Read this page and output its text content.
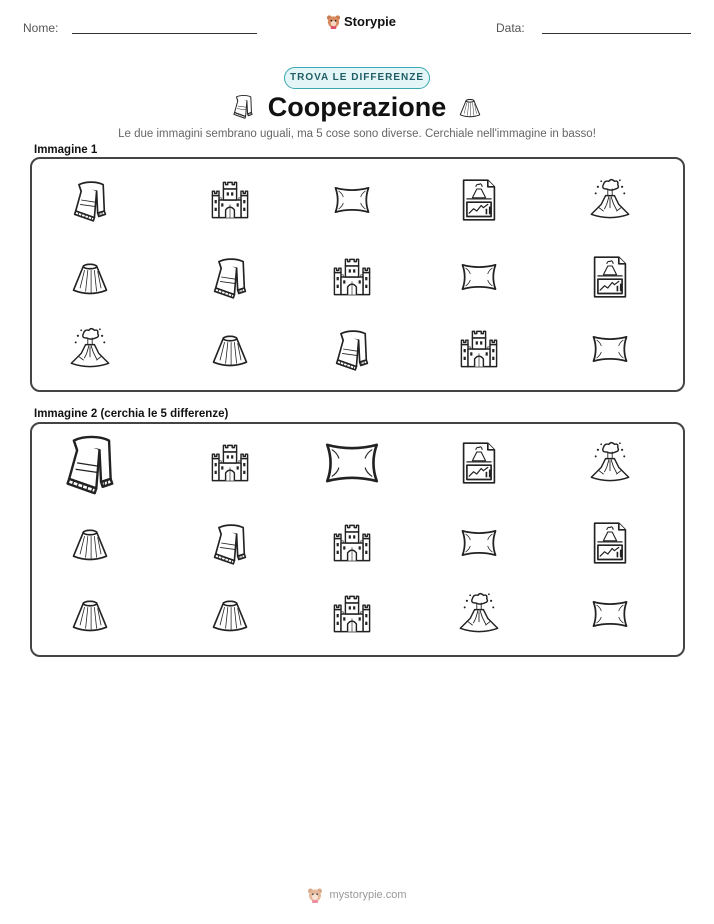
Nome:	Storypie	Data:
TROVA LE DIFFERENZE
Cooperazione
Le due immagini sembrano uguali, ma 5 cose sono diverse. Cerchiale nell'immagine in basso!
Immagine 1
Immagine 2 (cerchia le 5 differenze)
mystorypie.com
